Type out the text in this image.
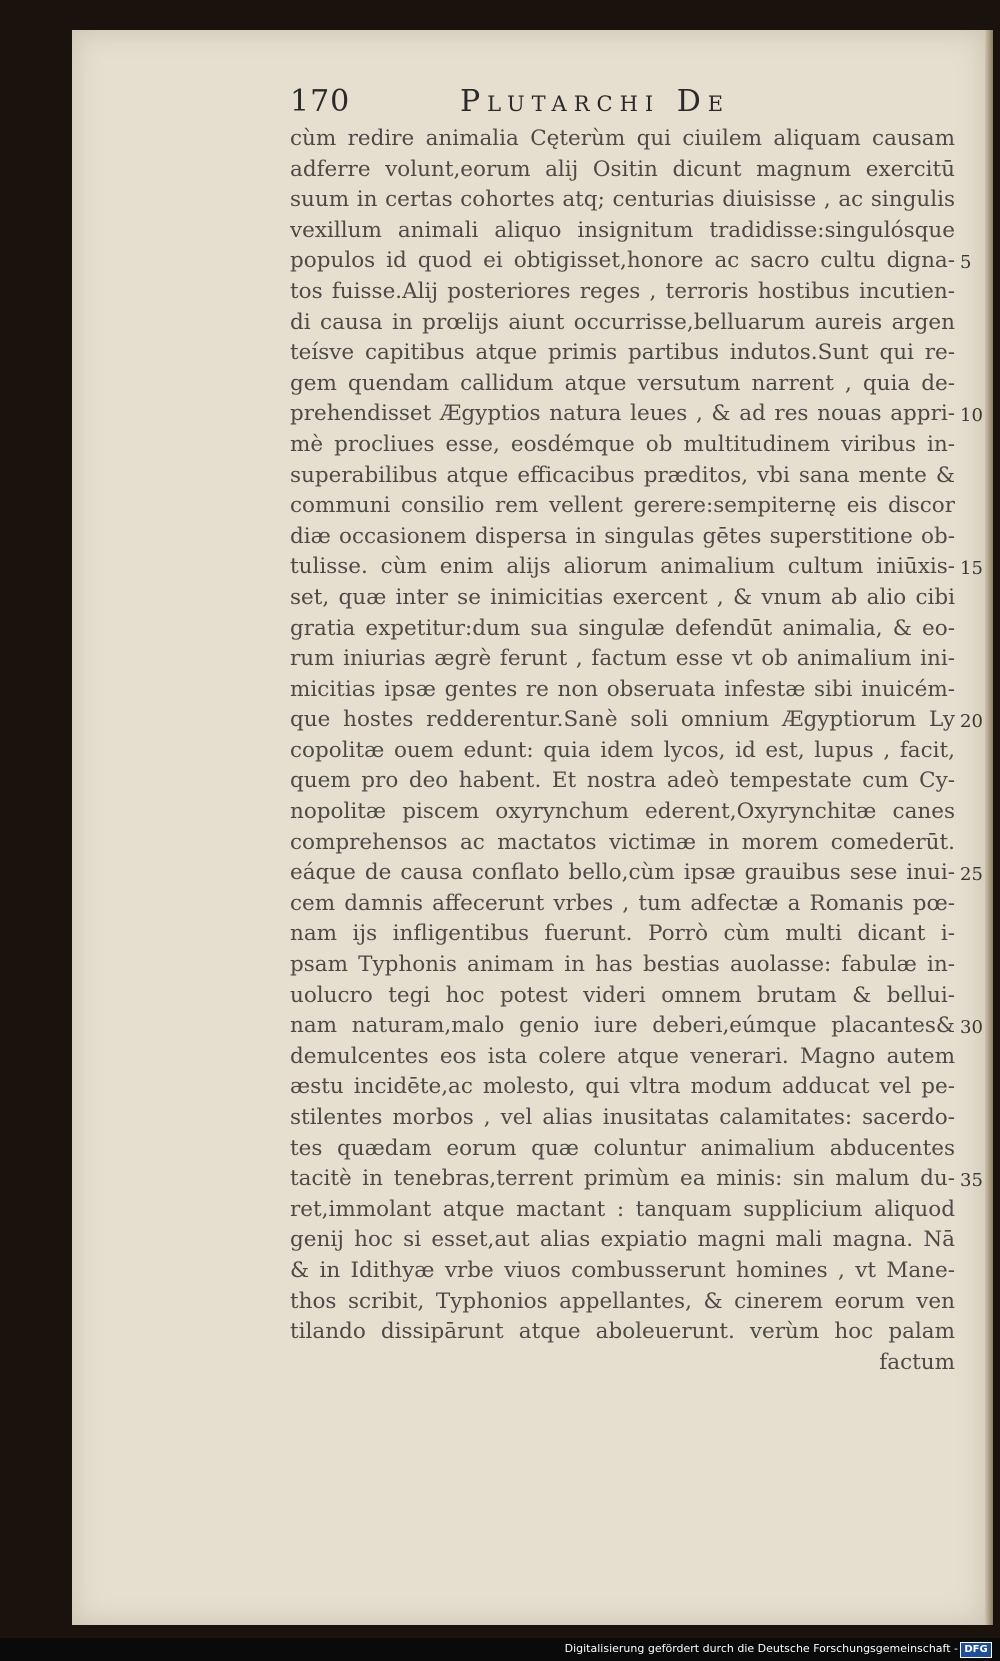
170	Plutarchi De
cùm redire animalia Cęterùm qui ciuilem aliquam causam
adferre volunt,eorum alij Ositin dicunt magnum exercitū
suum in certas cohortes atq; centurias diuisisse , ac singulis
vexillum animali aliquo insignitum tradidisse:singulósque
populos id quod ei obtigisset,honore ac sacro cultu digna-
tos fuisse.Alij posteriores reges , terroris hostibus incutien-
di causa in prœlijs aiunt occurrisse,belluarum aureis argen
teísve capitibus atque primis partibus indutos.Sunt qui re-
gem quendam callidum atque versutum narrent , quia de-
prehendisset Ægyptios natura leues , & ad res nouas appri-
mè procliues esse, eosdémque ob multitudinem viribus in-
superabilibus atque efficacibus præditos, vbi sana mente &
communi consilio rem vellent gerere:sempiternę eis discor
diæ occasionem dispersa in singulas gētes superstitione ob-
tulisse. cùm enim alijs aliorum animalium cultum iniūxis-
set, quæ inter se inimicitias exercent , & vnum ab alio cibi
gratia expetitur:dum sua singulæ defendūt animalia, & eo-
rum iniurias ægrè ferunt , factum esse vt ob animalium ini-
micitias ipsæ gentes re non obseruata infestæ sibi inuicém-
que hostes redderentur.Sanè soli omnium Ægyptiorum Ly
copolitæ ouem edunt: quia idem lycos, id est, lupus , facit,
quem pro deo habent. Et nostra adeò tempestate cum Cy-
nopolitæ piscem oxyrynchum ederent,Oxyrynchitæ canes
comprehensos ac mactatos victimæ in morem comederūt.
eáque de causa conflato bello,cùm ipsæ grauibus sese inui-
cem damnis affecerunt vrbes , tum adfectæ a Romanis pœ-
nam ijs infligentibus fuerunt. Porrò cùm multi dicant i-
psam Typhonis animam in has bestias auolasse: fabulæ in-
uolucro tegi hoc potest videri omnem brutam & bellui-
nam naturam,malo genio iure deberi,eúmque placantes&
demulcentes eos ista colere atque venerari. Magno autem
æstu incidēte,ac molesto, qui vltra modum adducat vel pe-
stilentes morbos , vel alias inusitatas calamitates: sacerdo-
tes quædam eorum quæ coluntur animalium abducentes
tacitè in tenebras,terrent primùm ea minis: sin malum du-
ret,immolant atque mactant : tanquam supplicium aliquod
genij hoc si esset,aut alias expiatio magni mali magna. Nā
& in Idithyæ vrbe viuos combusserunt homines , vt Mane-
thos scribit, Typhonios appellantes, & cinerem eorum ven
tilando dissipārunt atque aboleuerunt. verùm hoc palam
factum
5
10
15
20
25
30
35
Digitalisierung gefördert durch die Deutsche Forschungsgemeinschaft - DFG
